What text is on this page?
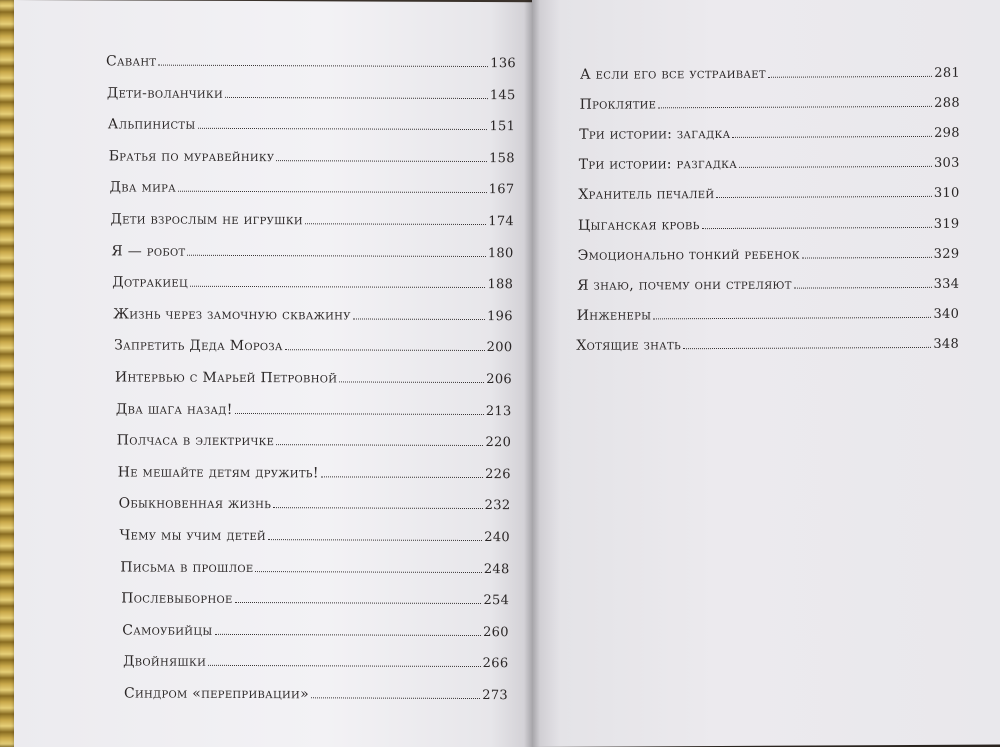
Савант	136
Дети-воланчики	145
Альпинисты	151
Братья по муравейнику	158
Два мира	167
Дети взрослым не игрушки	174
Я — робот	180
Дотракиец	188
Жизнь через замочную скважину	196
Запретить Деда Мороза	200
Интервью с Марьей Петровной	206
Два шага назад!	213
Полчаса в электричке	220
Не мешайте детям дружить!	226
Обыкновенная жизнь	232
Чему мы учим детей	240
Письма в прошлое	248
Послевыборное	254
Самоубийцы	260
Двойняшки	266
Синдром «перепривации»	273
А если его все устраивает	281
Проклятие	288
Три истории: загадка	298
Три истории: разгадка	303
Хранитель печалей	310
Цыганская кровь	319
Эмоционально тонкий ребенок	329
Я знаю, почему они стреляют	334
Инженеры	340
Хотящие знать	348
